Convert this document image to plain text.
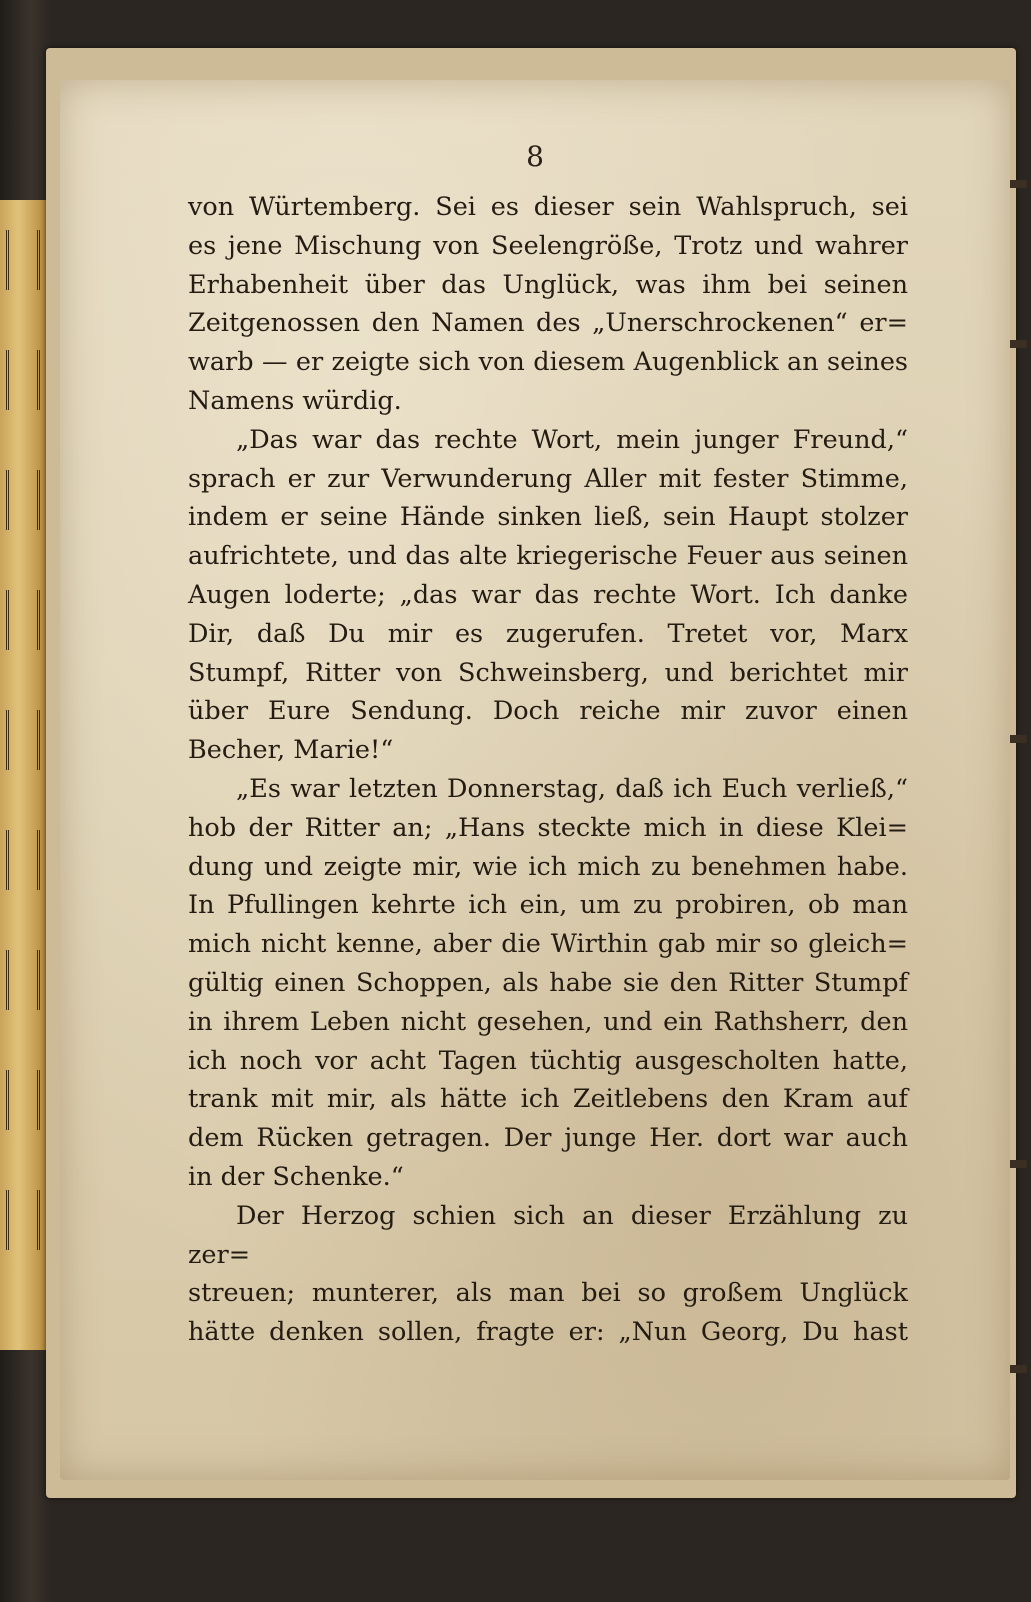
8

von Würtemberg. Sei es dieser sein Wahlspruch, sei
es jene Mischung von Seelengröße, Trotz und wahrer
Erhabenheit über das Unglück, was ihm bei seinen
Zeitgenossen den Namen des „Unerschrockenen“ er=
warb — er zeigte sich von diesem Augenblick an seines
Namens würdig.

„Das war das rechte Wort, mein junger Freund,“
sprach er zur Verwunderung Aller mit fester Stimme,
indem er seine Hände sinken ließ, sein Haupt stolzer
aufrichtete, und das alte kriegerische Feuer aus seinen
Augen loderte; „das war das rechte Wort. Ich danke
Dir, daß Du mir es zugerufen. Tretet vor, Marx
Stumpf, Ritter von Schweinsberg, und berichtet mir
über Eure Sendung. Doch reiche mir zuvor einen
Becher, Marie!“

„Es war letzten Donnerstag, daß ich Euch verließ,“
hob der Ritter an; „Hans steckte mich in diese Klei=
dung und zeigte mir, wie ich mich zu benehmen habe.
In Pfullingen kehrte ich ein, um zu probiren, ob man
mich nicht kenne, aber die Wirthin gab mir so gleich=
gültig einen Schoppen, als habe sie den Ritter Stumpf
in ihrem Leben nicht gesehen, und ein Rathsherr, den
ich noch vor acht Tagen tüchtig ausgescholten hatte,
trank mit mir, als hätte ich Zeitlebens den Kram auf
dem Rücken getragen. Der junge Her. dort war auch
in der Schenke.“

Der Herzog schien sich an dieser Erzählung zu zer=
streuen; munterer, als man bei so großem Unglück
hätte denken sollen, fragte er: „Nun Georg, Du hast
